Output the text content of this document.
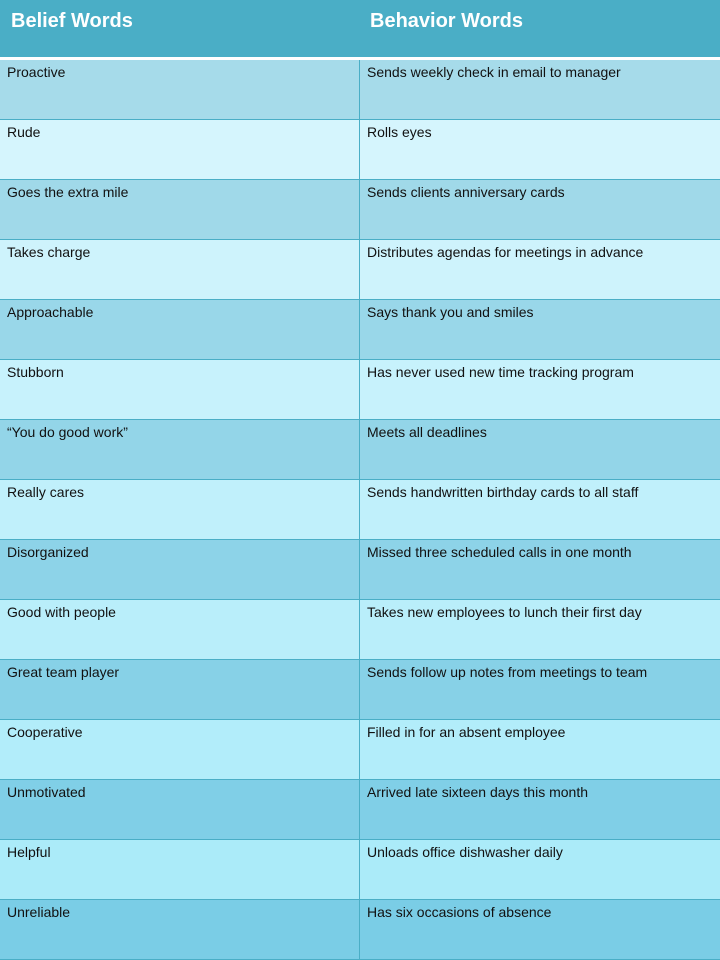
Belief Words	Behavior Words
Proactive	Sends weekly check in email to manager
Rude	Rolls eyes
Goes the extra mile	Sends clients anniversary cards
Takes charge	Distributes agendas for meetings in advance
Approachable	Says thank you and smiles
Stubborn	Has never used new time tracking program
“You do good work”	Meets all deadlines
Really cares	Sends handwritten birthday cards to all staff
Disorganized	Missed three scheduled calls in one month
Good with people	Takes new employees to lunch their first day
Great team player	Sends follow up notes from meetings to team
Cooperative	Filled in for an absent employee
Unmotivated	Arrived late sixteen days this month
Helpful	Unloads office dishwasher daily
Unreliable	Has six occasions of absence
